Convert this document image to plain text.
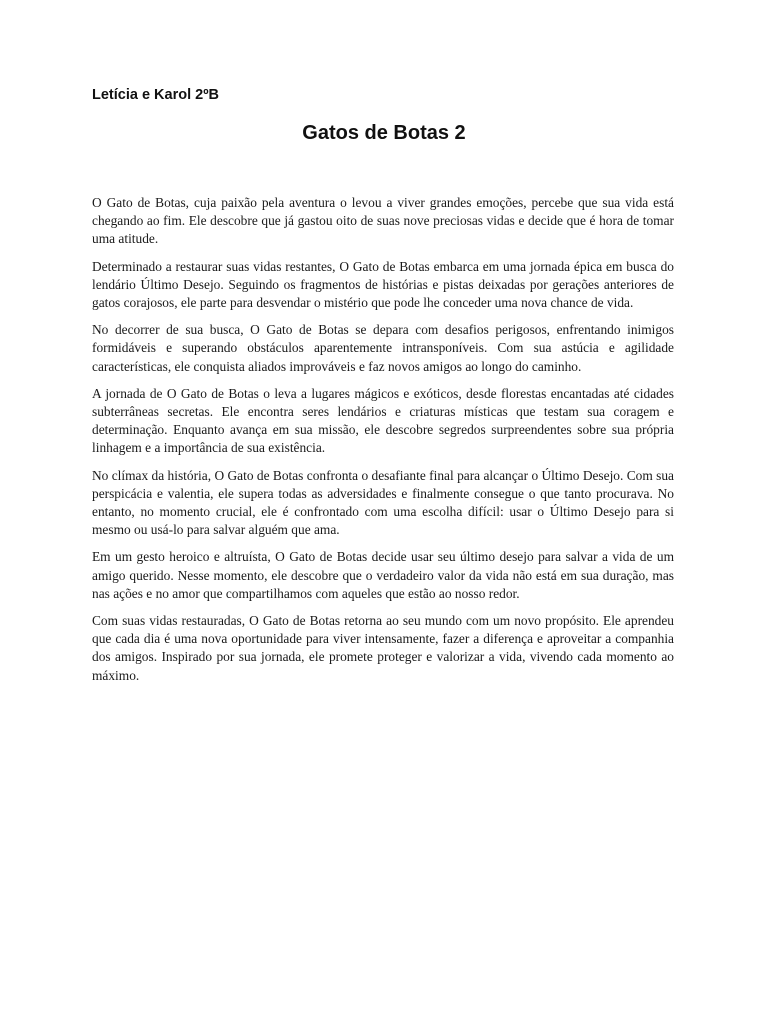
Letícia e Karol 2ºB

Gatos de Botas 2

O Gato de Botas, cuja paixão pela aventura o levou a viver grandes emoções, percebe que sua vida está chegando ao fim. Ele descobre que já gastou oito de suas nove preciosas vidas e decide que é hora de tomar uma atitude.

Determinado a restaurar suas vidas restantes, O Gato de Botas embarca em uma jornada épica em busca do lendário Último Desejo. Seguindo os fragmentos de histórias e pistas deixadas por gerações anteriores de gatos corajosos, ele parte para desvendar o mistério que pode lhe conceder uma nova chance de vida.

No decorrer de sua busca, O Gato de Botas se depara com desafios perigosos, enfrentando inimigos formidáveis e superando obstáculos aparentemente intransponíveis. Com sua astúcia e agilidade características, ele conquista aliados improváveis e faz novos amigos ao longo do caminho.

A jornada de O Gato de Botas o leva a lugares mágicos e exóticos, desde florestas encantadas até cidades subterrâneas secretas. Ele encontra seres lendários e criaturas místicas que testam sua coragem e determinação. Enquanto avança em sua missão, ele descobre segredos surpreendentes sobre sua própria linhagem e a importância de sua existência.

No clímax da história, O Gato de Botas confronta o desafiante final para alcançar o Último Desejo. Com sua perspicácia e valentia, ele supera todas as adversidades e finalmente consegue o que tanto procurava. No entanto, no momento crucial, ele é confrontado com uma escolha difícil: usar o Último Desejo para si mesmo ou usá-lo para salvar alguém que ama.

Em um gesto heroico e altruísta, O Gato de Botas decide usar seu último desejo para salvar a vida de um amigo querido. Nesse momento, ele descobre que o verdadeiro valor da vida não está em sua duração, mas nas ações e no amor que compartilhamos com aqueles que estão ao nosso redor.

Com suas vidas restauradas, O Gato de Botas retorna ao seu mundo com um novo propósito. Ele aprendeu que cada dia é uma nova oportunidade para viver intensamente, fazer a diferença e aproveitar a companhia dos amigos. Inspirado por sua jornada, ele promete proteger e valorizar a vida, vivendo cada momento ao máximo.
